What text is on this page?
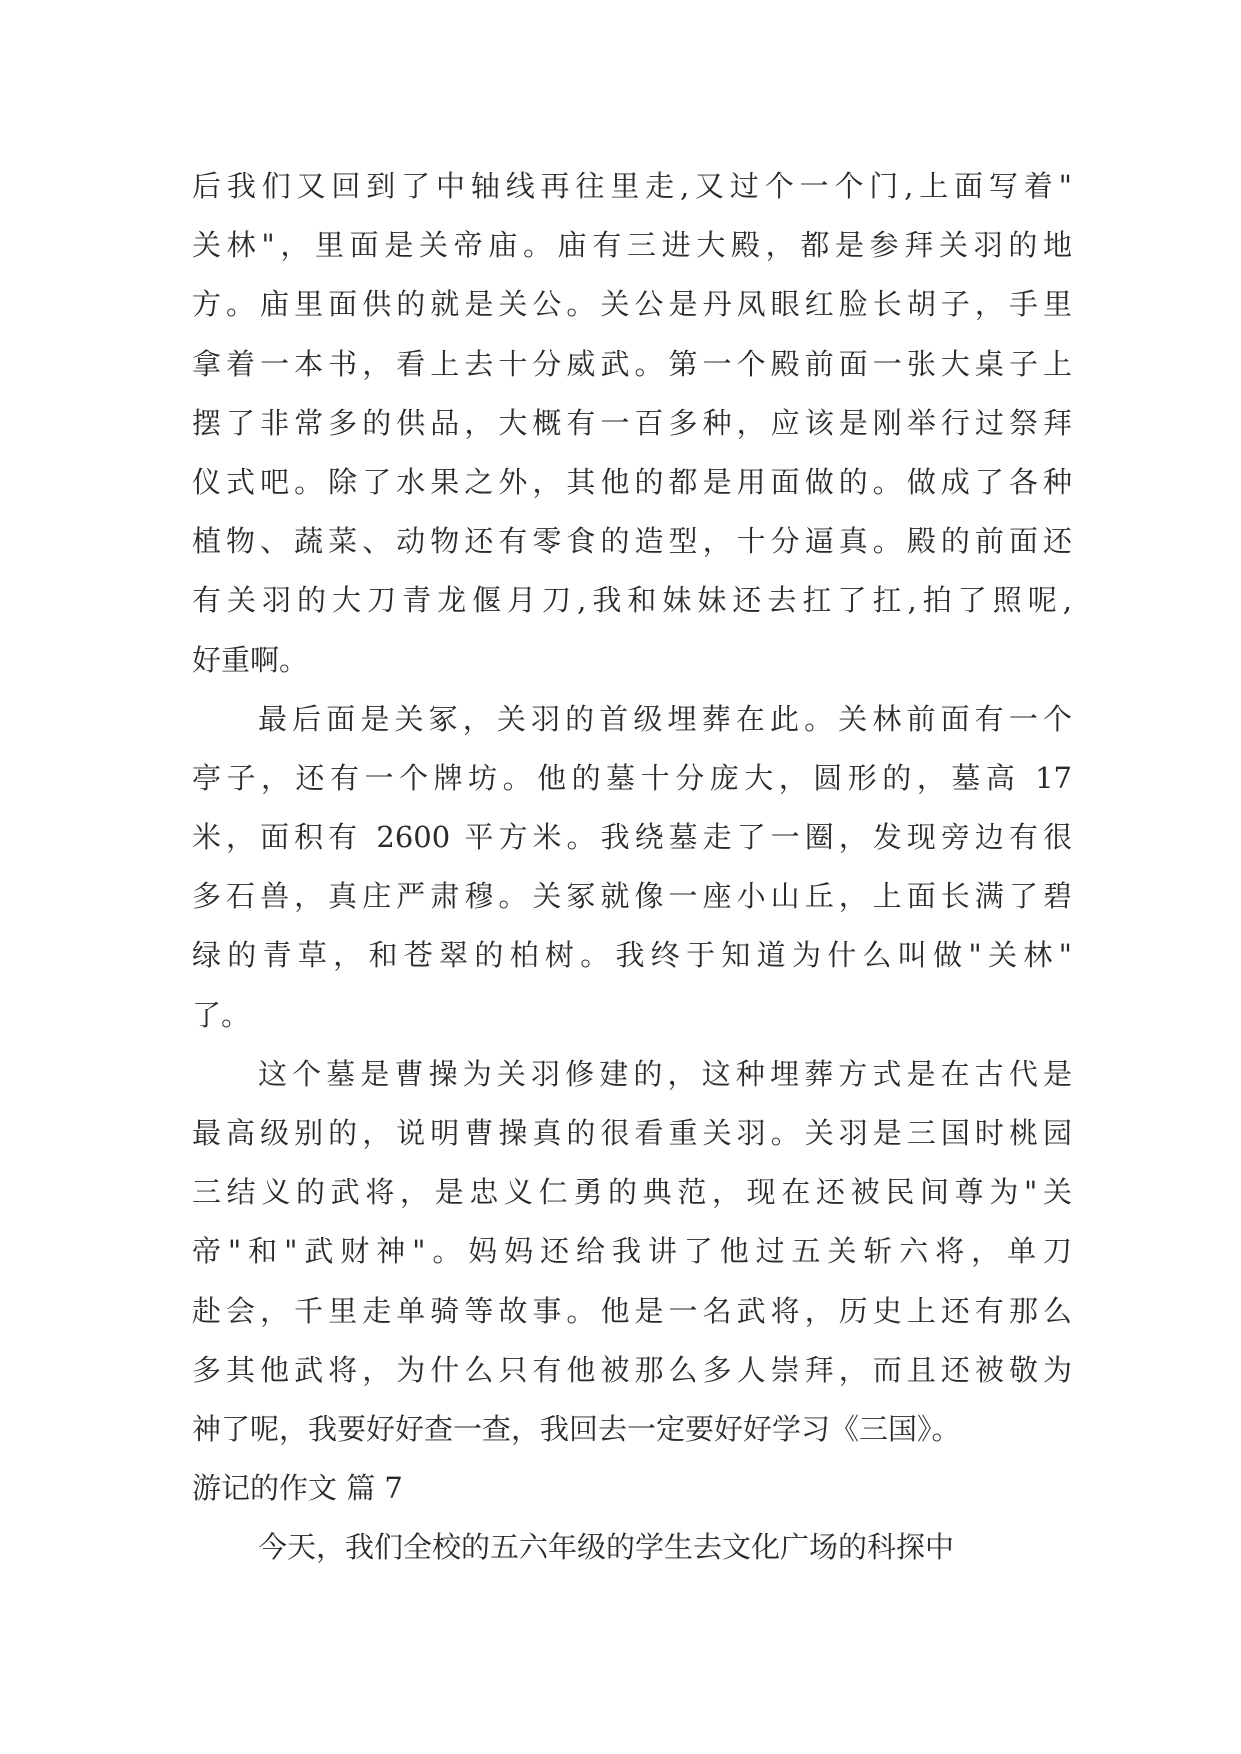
后我们又回到了中轴线再往里走,又过个一个门,上面写着"
关林"，里面是关帝庙。庙有三进大殿，都是参拜关羽的地
方。庙里面供的就是关公。关公是丹凤眼红脸长胡子，手里
拿着一本书，看上去十分威武。第一个殿前面一张大桌子上
摆了非常多的供品，大概有一百多种，应该是刚举行过祭拜
仪式吧。除了水果之外，其他的都是用面做的。做成了各种
植物、蔬菜、动物还有零食的造型，十分逼真。殿的前面还
有关羽的大刀青龙偃月刀,我和妹妹还去扛了扛,拍了照呢,
好重啊。
最后面是关冢，关羽的首级埋葬在此。关林前面有一个
亭子，还有一个牌坊。他的墓十分庞大，圆形的，墓高 17
米，面积有 2600 平方米。我绕墓走了一圈，发现旁边有很
多石兽，真庄严肃穆。关冢就像一座小山丘，上面长满了碧
绿的青草，和苍翠的柏树。我终于知道为什么叫做"关林"
了。
这个墓是曹操为关羽修建的，这种埋葬方式是在古代是
最高级别的，说明曹操真的很看重关羽。关羽是三国时桃园
三结义的武将，是忠义仁勇的典范，现在还被民间尊为"关
帝"和"武财神"。妈妈还给我讲了他过五关斩六将，单刀
赴会，千里走单骑等故事。他是一名武将，历史上还有那么
多其他武将，为什么只有他被那么多人崇拜，而且还被敬为
神了呢，我要好好查一查，我回去一定要好好学习《三国》。
游记的作文 篇 7
今天，我们全校的五六年级的学生去文化广场的科探中
